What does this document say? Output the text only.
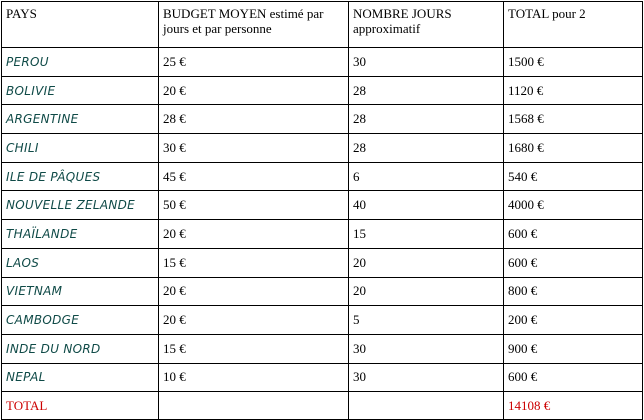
PAYS	BUDGET MOYEN estimé par jours et par personne	NOMBRE JOURS approximatif	TOTAL pour 2
PEROU	25 €	30	1500 €
BOLIVIE	20 €	28	1120 €
ARGENTINE	28 €	28	1568 €
CHILI	30 €	28	1680 €
ILE DE PÂQUES	45 €	6	540 €
NOUVELLE ZELANDE	50 €	40	4000 €
THAÏLANDE	20 €	15	600 €
LAOS	15 €	20	600 €
VIETNAM	20 €	20	800 €
CAMBODGE	20 €	5	200 €
INDE DU NORD	15 €	30	900 €
NEPAL	10 €	30	600 €
TOTAL			14108 €
